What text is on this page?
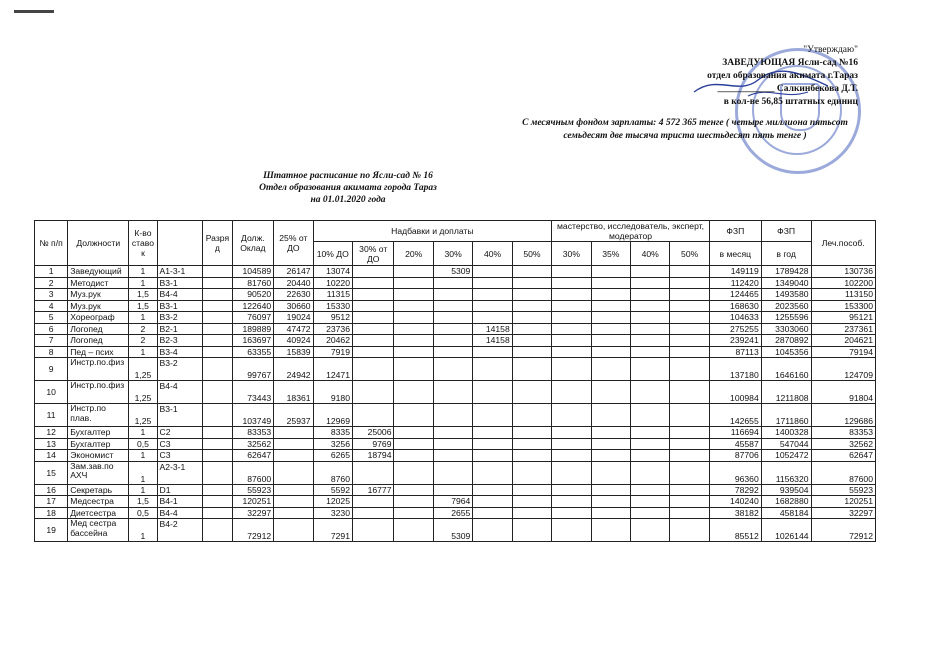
"Утверждаю"
ЗАВЕДУЮЩАЯ Ясли-сад №16
отдел образования акимата г.Тараз
____________ Салкинбекова Д.Т.
в кол-ве 56,85 штатных единиц
С месячным фондом зарплаты: 4 572 365 тенге ( четыре миллиона пятьсот
семьдесят две тысяча триста шестьдесят пять тенге )
Штатное расписание по Ясли-сад № 16
Отдел образования акимата города Тараз
на 01.01.2020 года
№ п/п	Должности	К-во ставо к		Разря д	Долж. Оклад	25% от ДО	Надбавки и доплаты						мастерство, исследователь, эксперт, модератор				ФЗП	ФЗП	Леч.пособ.
							10% ДО	30% от ДО	20%	30%	40%	50%	30%	35%	40%	50%	в месяц	в год	

1	Заведующий	1	А1-3-1		104589	26147	13074			5309							149119	1789428	130736
2	Методист	1	В3-1		81760	20440	10220										112420	1349040	102200
3	Муз.рук	1,5	В4-4		90520	22630	11315										124465	1493580	113150
4	Муз.рук	1,5	В3-1		122640	30660	15330										168630	2023560	153300
5	Хореограф	1	В3-2		76097	19024	9512										104633	1255596	95121
6	Логопед	2	В2-1		189889	47472	23736				14158						275255	3303060	237361
7	Логопед	2	В2-3		163697	40924	20462				14158						239241	2870892	204621
8	Пед – псих	1	В3-4		63355	15839	7919										87113	1045356	79194
9	Инстр.по.физ	1,25	В3-2		99767	24942	12471										137180	1646160	124709
10	Инстр.по.физ	1,25	В4-4		73443	18361	9180										100984	1211808	91804
11	Инстр.по плав.	1,25	В3-1		103749	25937	12969										142655	1711860	129686
12	Бухгалтер	1	С2		83353		8335	25006									116694	1400328	83353
13	Бухгалтер	0,5	С3		32562		3256	9769									45587	547044	32562
14	Экономист	1	С3		62647		6265	18794									87706	1052472	62647
15	Зам.зав.по АХЧ	1	А2-3-1		87600		8760										96360	1156320	87600
16	Секретарь	1	D1		55923		5592	16777									78292	939504	55923
17	Медсестра	1,5	В4-1		120251		12025			7964							140240	1682880	120251
18	Диетсестра	0,5	В4-4		32297		3230			2655							38182	458184	32297
19	Мед сестра бассейна	1	В4-2		72912		7291			5309							85512	1026144	72912
